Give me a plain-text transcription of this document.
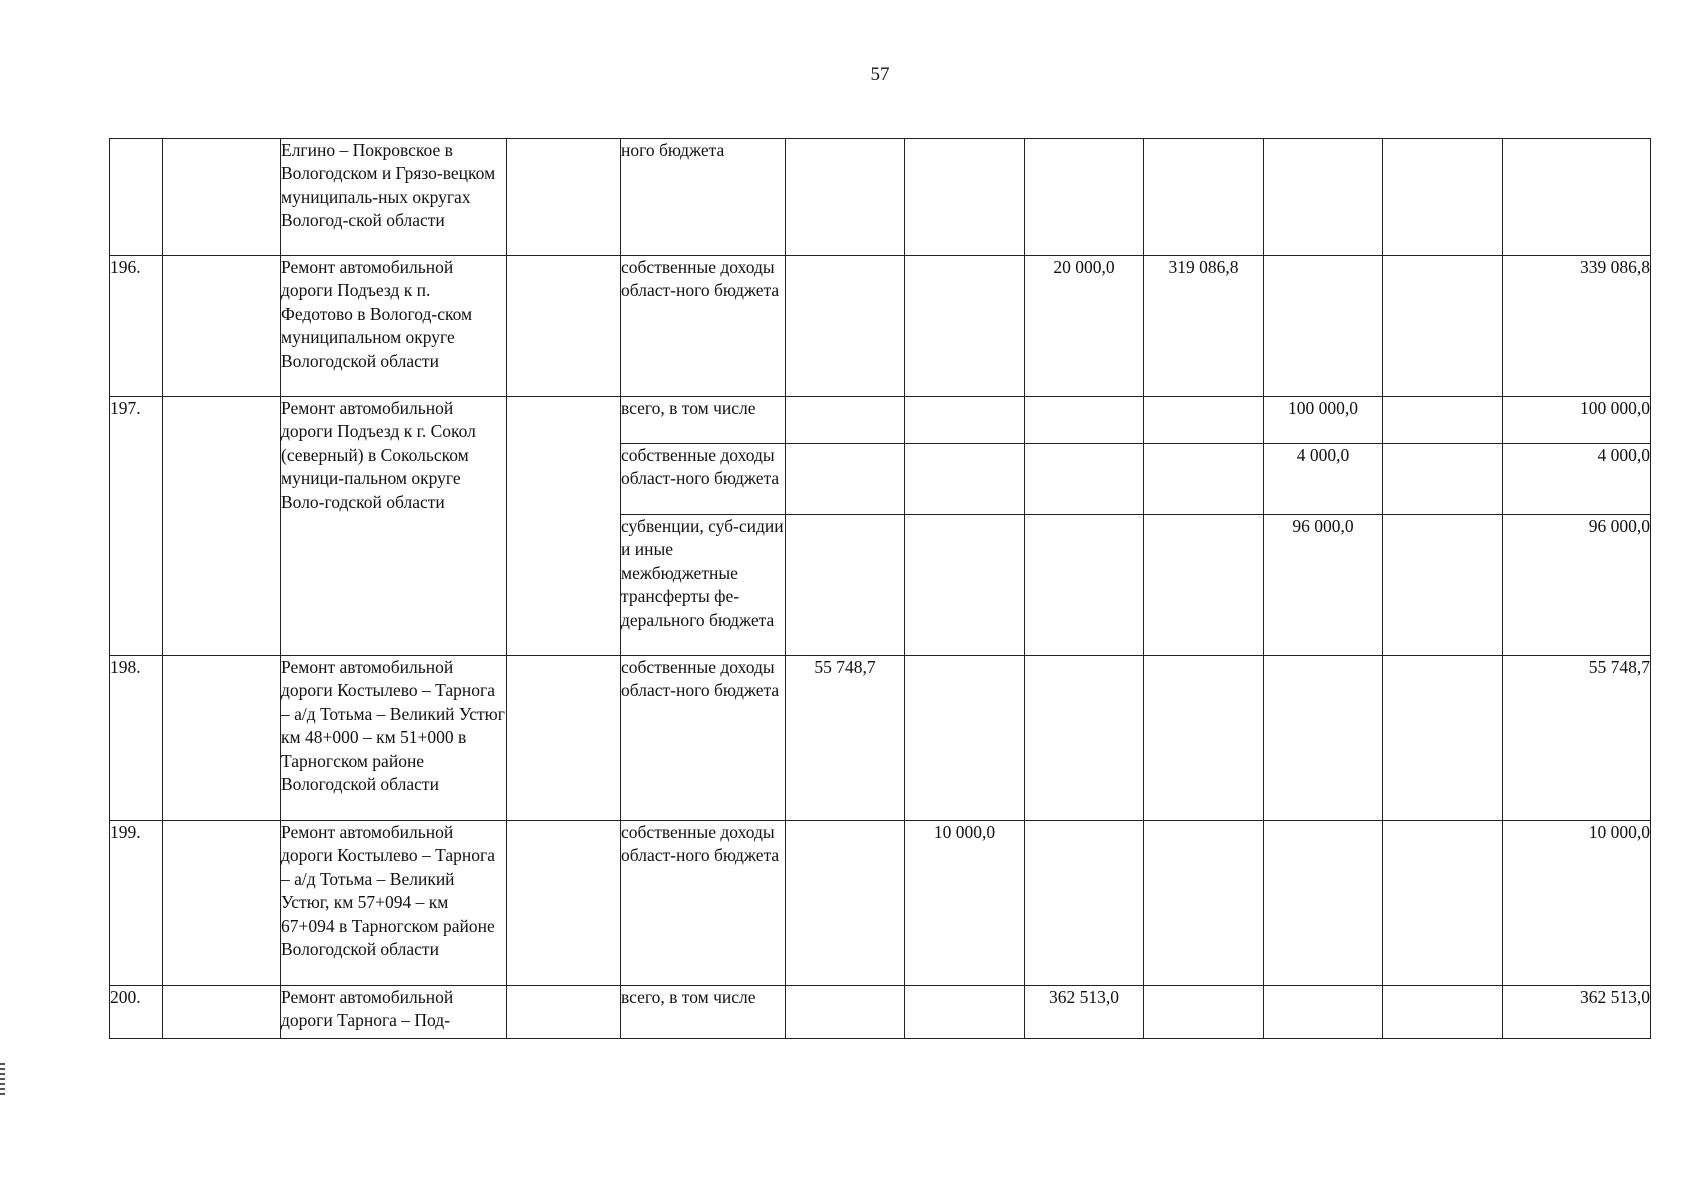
57
		Елгино – Покровское в Вологодском и Грязо-вецком муниципаль-ных округах Вологод-ской области		ного бюджета							
196.		Ремонт автомобильной дороги Подъезд к п. Федотово в Вологод-ском муниципальном округе Вологодской области		собственные доходы област-ного бюджета			20 000,0	319 086,8			339 086,8
197.		Ремонт автомобильной дороги Подъезд к г. Сокол (северный) в Сокольском муници-пальном округе Воло-годской области		всего, в том числе					100 000,0		100 000,0
				собственные доходы област-ного бюджета					4 000,0		4 000,0
				субвенции, суб-сидии и иные межбюджетные трансферты фе-дерального бюджета					96 000,0		96 000,0
198.		Ремонт автомобильной дороги Костылево – Тарнога – а/д Тотьма – Великий Устюг км 48+000 – км 51+000 в Тарногском районе Вологодской области		собственные доходы област-ного бюджета	55 748,7						55 748,7
199.		Ремонт автомобильной дороги Костылево – Тарнога – а/д Тотьма – Великий Устюг, км 57+094 – км 67+094 в Тарногском районе Вологодской области		собственные доходы област-ного бюджета		10 000,0					10 000,0
200.		Ремонт автомобильной дороги Тарнога – Под-		всего, в том числе			362 513,0				362 513,0
